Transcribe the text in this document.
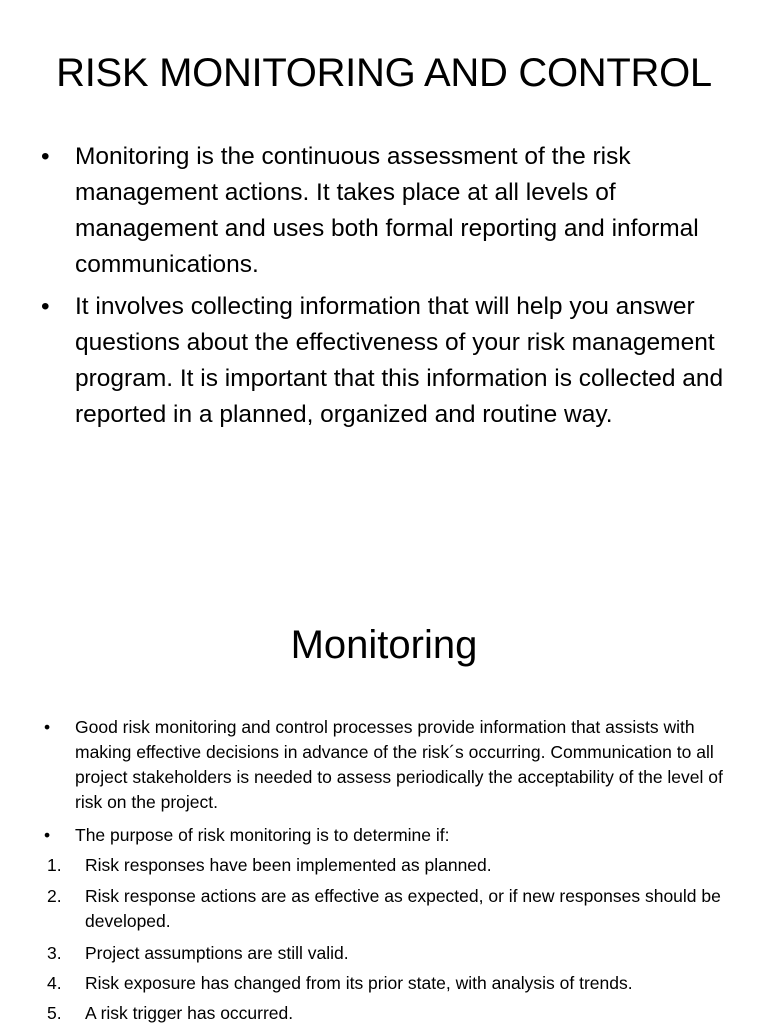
RISK MONITORING AND CONTROL
•	Monitoring is the continuous assessment of the risk management actions. It takes place at all levels of management and uses both formal reporting and informal communications.
•	It involves collecting information that will help you answer questions about the effectiveness of your risk management program. It is important that this information is collected and reported in a planned, organized and routine way.
Monitoring
• Good risk monitoring and control processes provide information that assists with making effective decisions in advance of the risk´s occurring. Communication to all project stakeholders is needed to assess periodically the acceptability of the level of risk on the project.
• The purpose of risk monitoring is to determine if:
1. Risk responses have been implemented as planned.
2. Risk response actions are as effective as expected, or if new responses should be developed.
3. Project assumptions are still valid.
4. Risk exposure has changed from its prior state, with analysis of trends.
5. A risk trigger has occurred.
